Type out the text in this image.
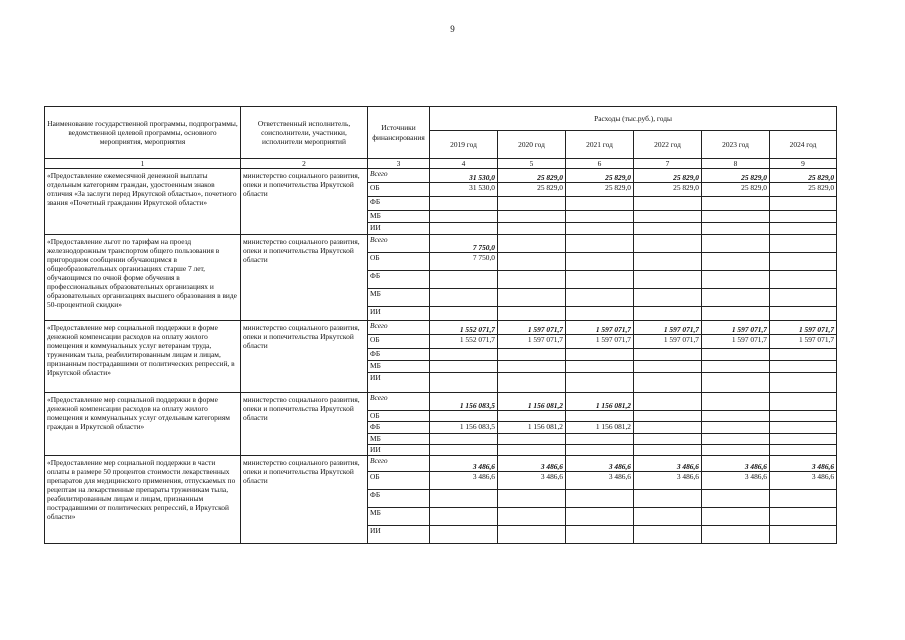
9
Наименование государственной программы, подпрограммы, ведомственной целевой программы, основного мероприятия, мероприятия	Ответственный исполнитель, соисполнители, участники, исполнители мероприятий	Источники финансирования	Расходы (тыс.руб.), годы					
			2019 год	2020 год	2021 год	2022 год	2023 год	2024 год
1	2	3	4	5	6	7	8	9
«Предоставление ежемесячной денежной выплаты отдельным категориям граждан, удостоенным знаков отличия «За заслуги перед Иркутской областью», почетного звания «Почетный гражданин Иркутской области»	министерство социального развития, опеки и попечительства Иркутской области	Всего	31 530,0	25 829,0	25 829,0	25 829,0	25 829,0	25 829,0
		ОБ	31 530,0	25 829,0	25 829,0	25 829,0	25 829,0	25 829,0
		ФБ						
		МБ						
		ИИ						
«Предоставление льгот по тарифам на проезд железнодорожным транспортом общего пользования в пригородном сообщении обучающимся в общеобразовательных организациях старше 7 лет, обучающимся по очной форме обучения в профессиональных образовательных организациях и образовательных организациях высшего образования в виде 50-процентной скидки»	министерство социального развития, опеки и попечительства Иркутской области	Всего	7 750,0					
		ОБ	7 750,0					
		ФБ						
		МБ						
		ИИ						
«Предоставление мер социальной поддержки в форме денежной компенсации расходов на оплату жилого помещения и коммунальных услуг ветеранам труда, труженикам тыла, реабилитированным лицам и лицам, признанным пострадавшими от политических репрессий, в Иркутской области»	министерство социального развития, опеки и попечительства Иркутской области	Всего	1 552 071,7	1 597 071,7	1 597 071,7	1 597 071,7	1 597 071,7	1 597 071,7
		ОБ	1 552 071,7	1 597 071,7	1 597 071,7	1 597 071,7	1 597 071,7	1 597 071,7
		ФБ						
		МБ						
		ИИ						
«Предоставление мер социальной поддержки в форме денежной компенсации расходов на оплату жилого помещения и коммунальных услуг отдельным категориям граждан в Иркутской области»	министерство социального развития, опеки и попечительства Иркутской области	Всего	1 156 083,5	1 156 081,2	1 156 081,2			
		ОБ						
		ФБ	1 156 083,5	1 156 081,2	1 156 081,2			
		МБ						
		ИИ						
«Предоставление мер социальной поддержки в части оплаты в размере 50 процентов стоимости лекарственных препаратов для медицинского применения, отпускаемых по рецептам на лекарственные препараты труженикам тыла, реабилитированным лицам и лицам, признанным пострадавшими от политических репрессий, в Иркутской области»	министерство социального развития, опеки и попечительства Иркутской области	Всего	3 486,6	3 486,6	3 486,6	3 486,6	3 486,6	3 486,6
		ОБ	3 486,6	3 486,6	3 486,6	3 486,6	3 486,6	3 486,6
		ФБ						
		МБ						
		ИИ						
